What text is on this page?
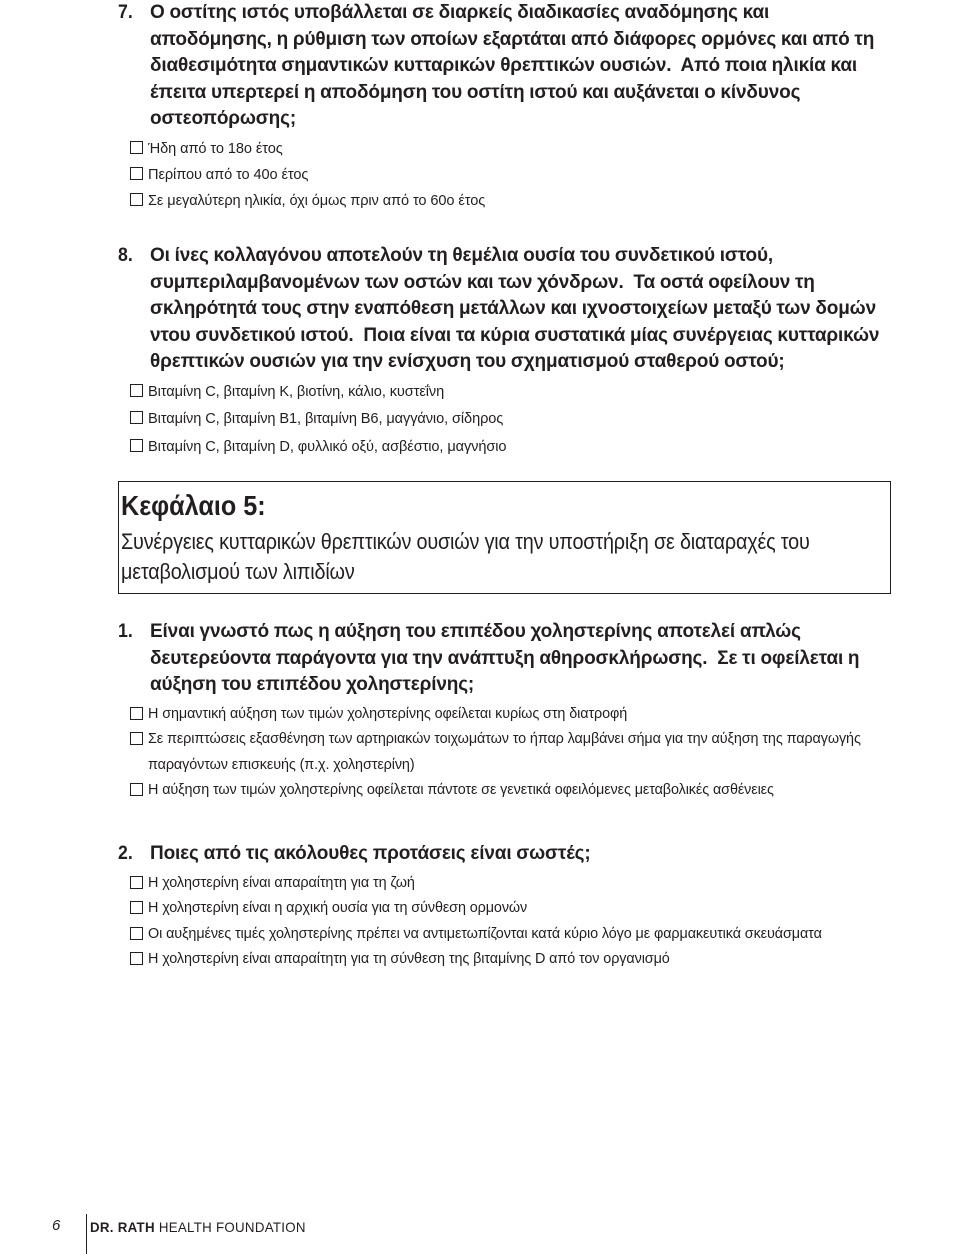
7. Ο οστίτης ιστός υποβάλλεται σε διαρκείς διαδικασίες αναδόμησης και αποδόμησης, η ρύθμιση των οποίων εξαρτάται από διάφορες ορμόνες και από τη διαθεσιμότητα σημαντικών κυτταρικών θρεπτικών ουσιών. Από ποια ηλικία και έπειτα υπερτερεί η αποδόμηση του οστίτη ιστού και αυξάνεται ο κίνδυνος οστεοπόρωσης;
Ήδη από το 18ο έτος
Περίπου από το 40ο έτος
Σε μεγαλύτερη ηλικία, όχι όμως πριν από το 60ο έτος
8. Οι ίνες κολλαγόνου αποτελούν τη θεμέλια ουσία του συνδετικού ιστού, συμπεριλαμβανομένων των οστών και των χόνδρων. Τα οστά οφείλουν τη σκληρότητά τους στην εναπόθεση μετάλλων και ιχνοστοιχείων μεταξύ των δομών ντου συνδετικού ιστού. Ποια είναι τα κύρια συστατικά μίας συνέργειας κυτταρικών θρεπτικών ουσιών για την ενίσχυση του σχηματισμού σταθερού οστού;
Βιταμίνη C, βιταμίνη K, βιοτίνη, κάλιο, κυστεΐνη
Βιταμίνη C, βιταμίνη B1, βιταμίνη B6, μαγγάνιο, σίδηρος
Βιταμίνη C, βιταμίνη D, φυλλικό οξύ, ασβέστιο, μαγνήσιο
Κεφάλαιο 5:
Συνέργειες κυτταρικών θρεπτικών ουσιών για την υποστήριξη σε διαταραχές του μεταβολισμού των λιπιδίων
1. Είναι γνωστό πως η αύξηση του επιπέδου χοληστερίνης αποτελεί απλώς δευτερεύοντα παράγοντα για την ανάπτυξη αθηροσκλήρωσης. Σε τι οφείλεται η αύξηση του επιπέδου χοληστερίνης;
Η σημαντική αύξηση των τιμών χοληστερίνης οφείλεται κυρίως στη διατροφή
Σε περιπτώσεις εξασθένηση των αρτηριακών τοιχωμάτων το ήπαρ λαμβάνει σήμα για την αύξηση της παραγωγής παραγόντων επισκευής (π.χ. χοληστερίνη)
Η αύξηση των τιμών χοληστερίνης οφείλεται πάντοτε σε γενετικά οφειλόμενες μεταβολικές ασθένειες
2. Ποιες από τις ακόλουθες προτάσεις είναι σωστές;
Η χοληστερίνη είναι απαραίτητη για τη ζωή
Η χοληστερίνη είναι η αρχική ουσία για τη σύνθεση ορμονών
Οι αυξημένες τιμές χοληστερίνης πρέπει να αντιμετωπίζονται κατά κύριο λόγο με φαρμακευτικά σκευάσματα
Η χοληστερίνη είναι απαραίτητη για τη σύνθεση της βιταμίνης D από τον οργανισμό
6 DR. RATH HEALTH FOUNDATION
